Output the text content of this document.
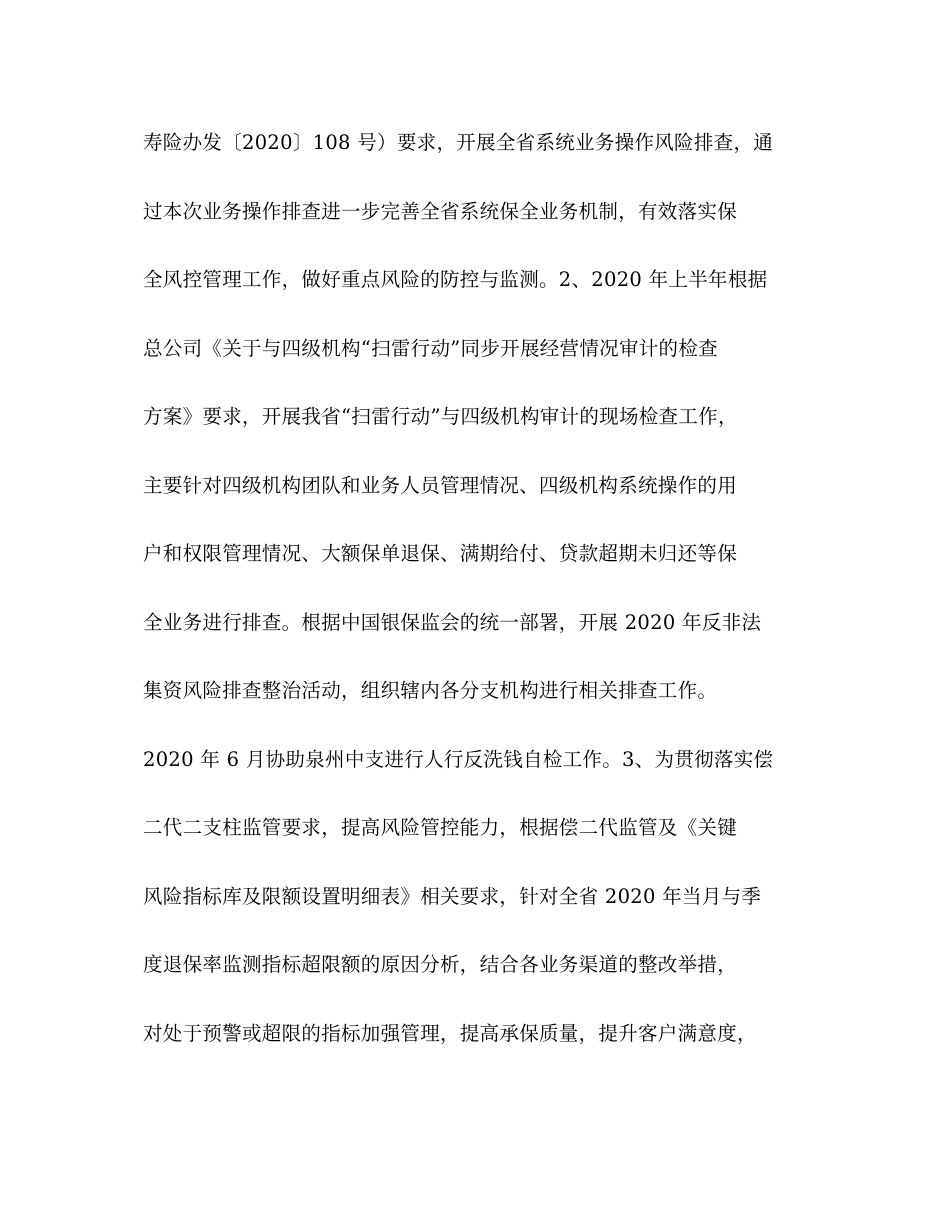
寿险办发〔2020〕108 号）要求，开展全省系统业务操作风险排查，通
过本次业务操作排查进一步完善全省系统保全业务机制，有效落实保
全风控管理工作，做好重点风险的防控与监测。2、2020 年上半年根据
总公司《关于与四级机构“扫雷行动”同步开展经营情况审计的检查
方案》要求，开展我省“扫雷行动”与四级机构审计的现场检查工作，
主要针对四级机构团队和业务人员管理情况、四级机构系统操作的用
户和权限管理情况、大额保单退保、满期给付、贷款超期未归还等保
全业务进行排查。根据中国银保监会的统一部署，开展 2020 年反非法
集资风险排查整治活动，组织辖内各分支机构进行相关排查工作。
2020 年 6 月协助泉州中支进行人行反洗钱自检工作。3、为贯彻落实偿
二代二支柱监管要求，提高风险管控能力，根据偿二代监管及《关键
风险指标库及限额设置明细表》相关要求，针对全省 2020 年当月与季
度退保率监测指标超限额的原因分析，结合各业务渠道的整改举措，
对处于预警或超限的指标加强管理，提高承保质量，提升客户满意度，
